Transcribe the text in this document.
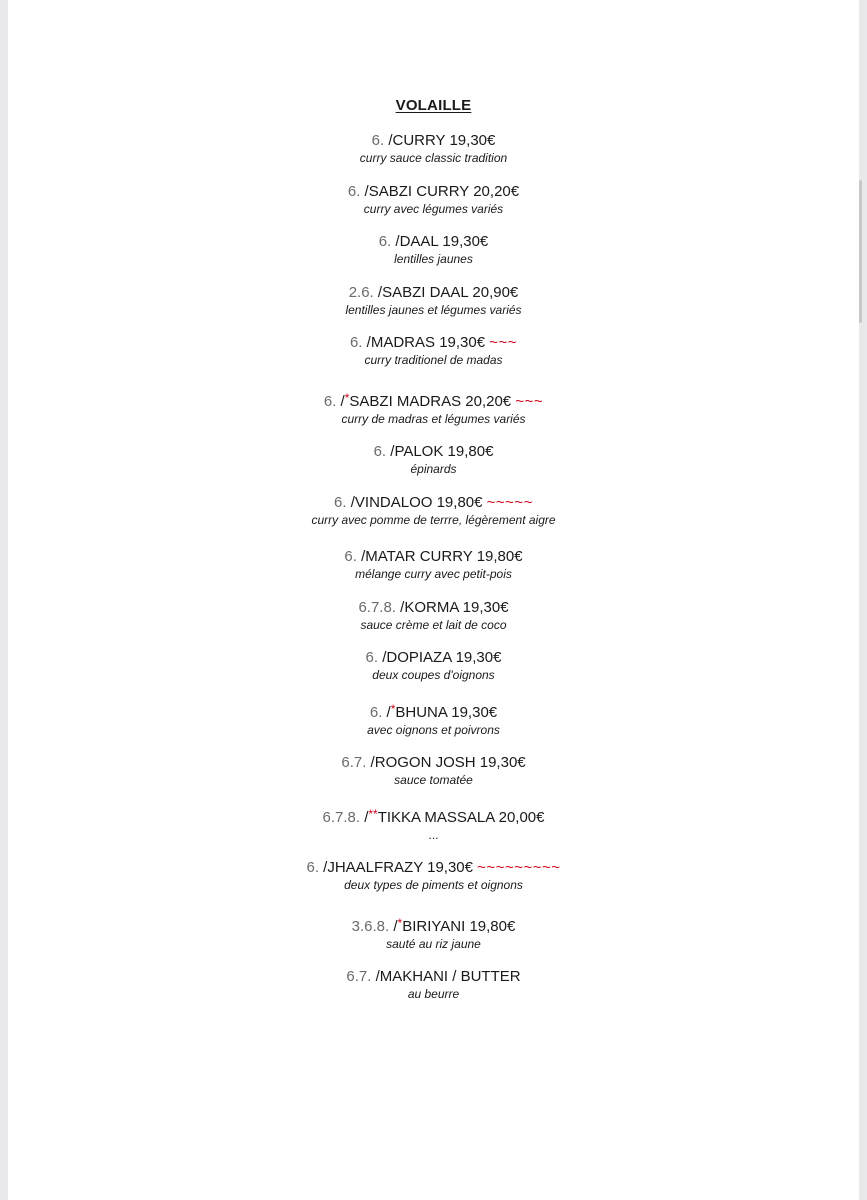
VOLAILLE
6. /CURRY 19,30€
curry sauce classic tradition
6. /SABZI CURRY 20,20€
curry avec légumes variés
6. /DAAL 19,30€
lentilles jaunes
2.6. /SABZI DAAL 20,90€
lentilles jaunes et légumes variés
6. /MADRAS 19,30€ ~~~
curry traditionel de madas
6. /*SABZI MADRAS 20,20€ ~~~
curry de madras et légumes variés
6. /PALOK 19,80€
épinards
6. /VINDALOO 19,80€ ~~~~~
curry avec pomme de terrre, légèrement aigre
6. /MATAR CURRY 19,80€
mélange curry avec petit-pois
6.7.8. /KORMA 19,30€
sauce crème et lait de coco
6. /DOPIAZA 19,30€
deux coupes d'oignons
6. /*BHUNA 19,30€
avec oignons et poivrons
6.7. /ROGON JOSH 19,30€
sauce tomatée
6.7.8. /**TIKKA MASSALA 20,00€
...
6. /JHAALFRAZY 19,30€ ~~~~~~~~~
deux types de piments et oignons
3.6.8. /*BIRIYANI 19,80€
sauté au riz jaune
6.7. /MAKHANI / BUTTER
au beurre
